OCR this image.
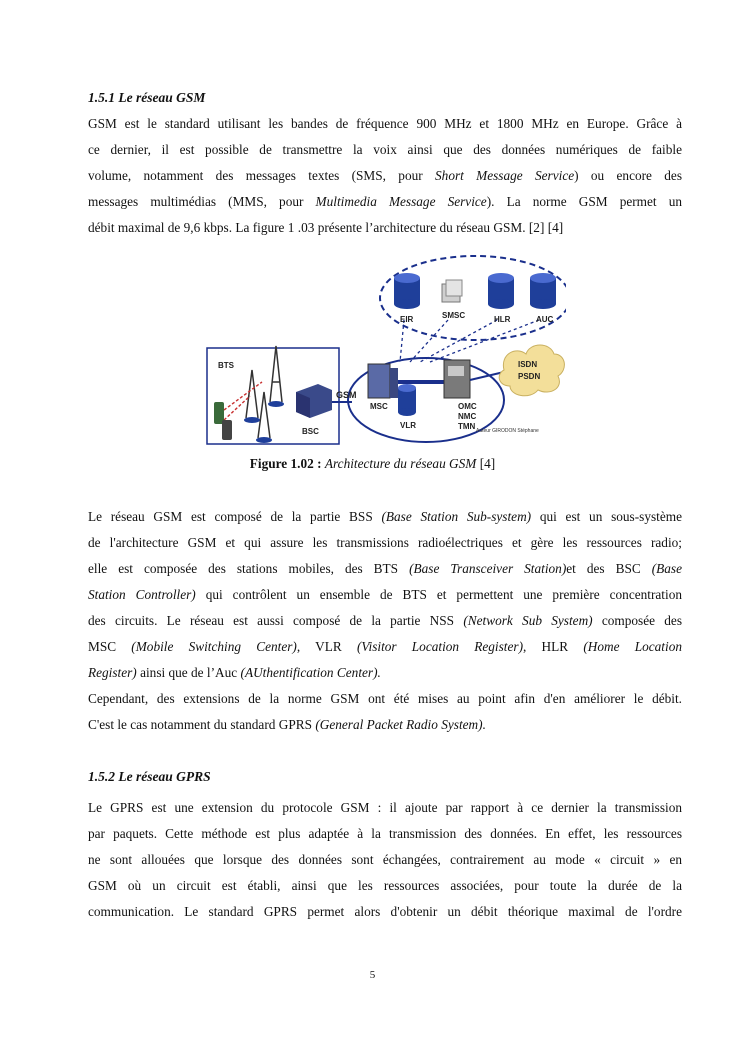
1.5.1 Le réseau GSM
GSM est le standard utilisant les bandes de fréquence 900 MHz et 1800 MHz en Europe. Grâce à
ce dernier, il est possible de transmettre la voix ainsi que des données numériques de faible
volume, notamment des messages textes (SMS, pour Short Message Service) ou encore des
messages multimédias (MMS, pour Multimedia Message Service). La norme GSM permet un
débit maximal de 9,6 kbps. La figure 1 .03 présente l’architecture du réseau GSM. [2] [4]
EIR	SMSC	HLR	AUC
BTS
BSC
GSM
MSC
VLR
OMC
NMC
TMN
ISDN
PSDN
Auteur GIRODON Stéphane
Figure 1.02 : Architecture du réseau GSM [4]
Le réseau GSM est composé de la partie BSS (Base Station Sub-system) qui est un sous-système
de l'architecture GSM et qui assure les transmissions radioélectriques et gère les ressources radio;
elle est composée des stations mobiles, des BTS (Base Transceiver Station)et des BSC (Base
Station Controller) qui contrôlent un ensemble de BTS et permettent une première concentration
des circuits. Le réseau est aussi composé de la partie NSS (Network Sub System) composée des
MSC (Mobile Switching Center), VLR (Visitor Location Register), HLR (Home Location
Register) ainsi que de l’Auc (AUthentification Center).
Cependant, des extensions de la norme GSM ont été mises au point afin d'en améliorer le débit.
C'est le cas notamment du standard GPRS (General Packet Radio System).
1.5.2 Le réseau GPRS
Le GPRS est une extension du protocole GSM : il ajoute par rapport à ce dernier la transmission
par paquets. Cette méthode est plus adaptée à la transmission des données. En effet, les ressources
ne sont allouées que lorsque des données sont échangées, contrairement au mode « circuit » en
GSM où un circuit est établi, ainsi que les ressources associées, pour toute la durée de la
communication. Le standard GPRS permet alors d'obtenir un débit théorique maximal de l'ordre
5
